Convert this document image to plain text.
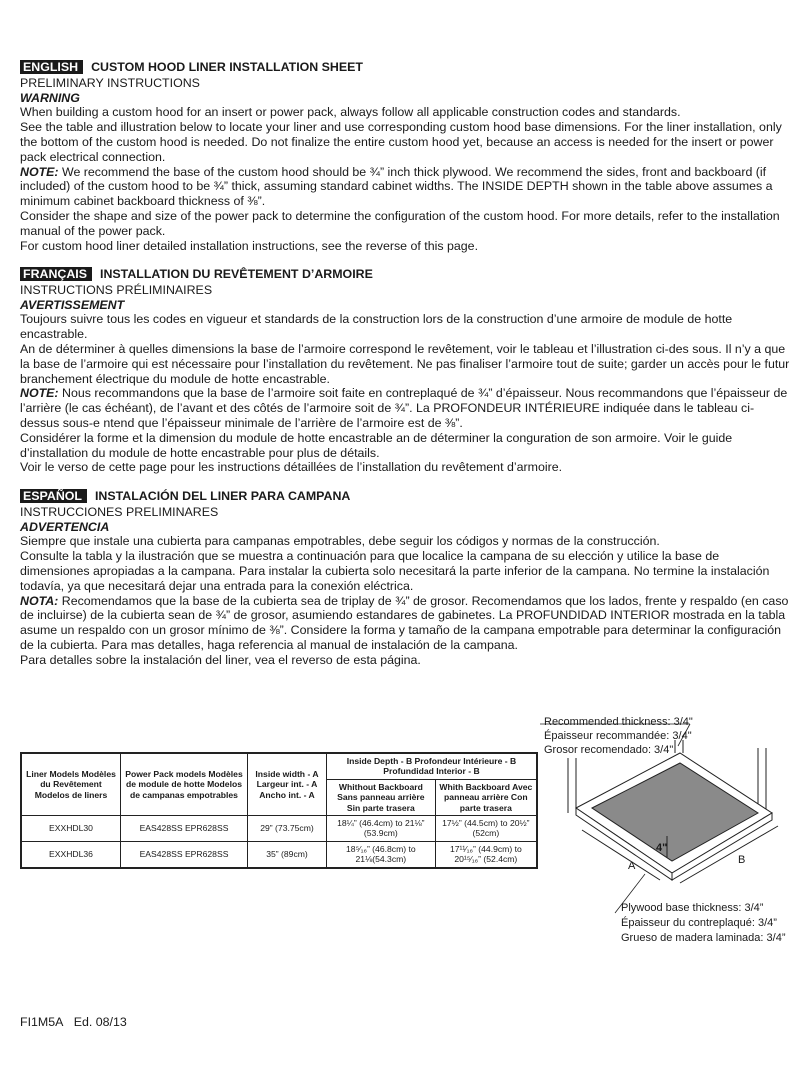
ENGLISH CUSTOM HOOD LINER INSTALLATION SHEET

PRELIMINARY INSTRUCTIONS

WARNING

When building a custom hood for an insert or power pack, always follow all applicable construction codes and standards.

See the table and illustration below to locate your liner and use corresponding custom hood base dimensions. For the liner installation, only the bottom of the custom hood is needed. Do not finalize the entire custom hood yet, because an access is needed for the insert or power pack electrical connection.

NOTE: We recommend the base of the custom hood should be ¾” inch thick plywood. We recommend the sides, front and backboard (if included) of the custom hood to be ¾” thick, assuming standard cabinet widths. The INSIDE DEPTH shown in the table above assumes a minimum cabinet backboard thickness of ⅜”.

Consider the shape and size of the power pack to determine the configuration of the custom hood. For more details, refer to the installation manual of the power pack.

For custom hood liner detailed installation instructions, see the reverse of this page.

FRANÇAIS INSTALLATION DU REVÊTEMENT D’ARMOIRE

INSTRUCTIONS PRÉLIMINAIRES

AVERTISSEMENT

Toujours suivre tous les codes en vigueur et standards de la construction lors de la construction d’une armoire de module de hotte encastrable.

An de déterminer à quelles dimensions la base de l’armoire correspond le revêtement, voir le tableau et l’illustration ci-des sous. Il n’y a que la base de l’armoire qui est nécessaire pour l’installation du revêtement. Ne pas finaliser l’armoire tout de suite; garder un accès pour le futur branchement électrique du module de hotte encastrable.

NOTE: Nous recommandons que la base de l’armoire soit faite en contreplaqué de ¾” d’épaisseur. Nous recommandons que l’épaisseur de l’arrière (le cas échéant), de l’avant et des côtés de l’armoire soit de ¾”. La PROFONDEUR INTÉRIEURE indiquée dans le tableau ci-dessus sous-e ntend que l’épaisseur minimale de l’arrière de l’armoire est de ⅜”.

Considérer la forme et la dimension du module de hotte encastrable an de déterminer la conguration de son armoire. Voir le guide d’installation du module de hotte encastrable pour plus de détails.

Voir le verso de cette page pour les instructions détaillées de l’installation du revêtement d’armoire.

ESPAÑOL INSTALACIÓN DEL LINER PARA CAMPANA

INSTRUCCIONES PRELIMINARES

ADVERTENCIA

Siempre que instale una cubierta para campanas empotrables, debe seguir los códigos y normas de la construcción.

Consulte la tabla y la ilustración que se muestra a continuación para que localice la campana de su elección y utilice la base de dimensiones apropiadas a la campana. Para instalar la cubierta solo necesitará la parte inferior de la campana. No termine la instalación todavía, ya que necesitará dejar una entrada para la conexión eléctrica.

NOTA: Recomendamos que la base de la cubierta sea de triplay de ¾” de grosor. Recomendamos que los lados, frente y respaldo (en caso de incluirse) de la cubierta sean de ¾” de grosor, asumiendo estandares de gabinetes. La PROFUNDIDAD INTERIOR mostrada en la tabla asume un respaldo con un grosor mínimo de ⅜”. Considere la forma y tamaño de la campana empotrable para determinar la configuración de la cubierta. Para mas detalles, haga referencia al manual de instalación de la campana.

Para detalles sobre la instalación del liner, vea el reverso de esta página.

Liner Models Modèles du Revêtement Modelos de liners	Power Pack models Modèles de module de hotte Modelos de campanas empotrables	Inside width - A Largeur int. - A Ancho int. - A	Inside Depth - B Profondeur Intérieure - B Profundidad Interior - B	
			Whithout Backboard Sans panneau arrière Sin parte trasera	Whith Backboard Avec panneau arrière Con parte trasera
EXXHDL30	EAS428SS EPR628SS	29” (73.75cm)	18¼” (46.4cm) to 21⅛” (53.9cm)	17½” (44.5cm) to 20½” (52cm)
EXXHDL36	EAS428SS EPR628SS	35” (89cm)	18⁵⁄₁₆” (46.8cm) to 21⅛(54.3cm)	17¹¹⁄₁₆” (44.9cm) to 20¹⁵⁄₁₆” (52.4cm)
Recommended thickness: 3/4"
Épaisseur recommandée: 3/4"
Grosor recomendado: 3/4"
4"
A	B
Plywood base thickness: 3/4”
Épaisseur du contreplaqué: 3/4”
Grueso de madera laminada: 3/4”
FI1M5A Ed. 08/13
